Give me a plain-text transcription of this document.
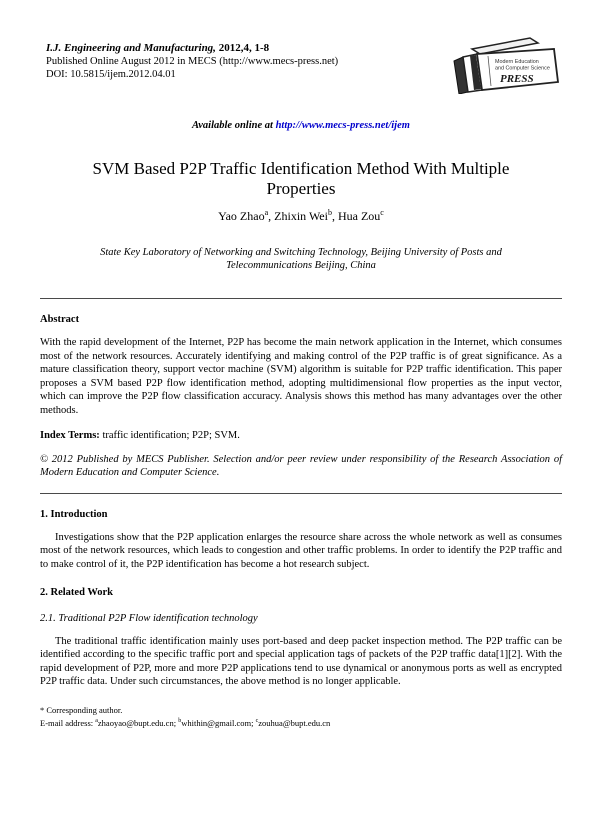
I.J. Engineering and Manufacturing, 2012,4, 1-8
Published Online August 2012 in MECS (http://www.mecs-press.net)
DOI: 10.5815/ijem.2012.04.01
Modern Education
and Computer Science
PRESS
Available online at http://www.mecs-press.net/ijem
SVM Based P2P Traffic Identification Method With Multiple Properties
Yao Zhao$^a$, Zhixin Wei$^b$, Hua Zou$^c$
State Key Laboratory of Networking and Switching Technology, Beijing University of Posts and
Telecommunications Beijing, China
Abstract

With the rapid development of the Internet, P2P has become the main network application in the Internet, which consumes most of the network resources. Accurately identifying and making control of the P2P traffic is of great significance. As a mature classification theory, support vector machine (SVM) algorithm is suitable for P2P traffic identification. This paper proposes a SVM based P2P flow identification method, adopting multidimensional flow properties as the input vector, which can improve the P2P flow classification accuracy. Analysis shows this method has many advantages over the other methods.

Index Terms: traffic identification; P2P; SVM.

© 2012 Published by MECS Publisher. Selection and/or peer review under responsibility of the Research Association of Modern Education and Computer Science.

1. Introduction

Investigations show that the P2P application enlarges the resource share across the whole network as well as consumes most of the network resources, which leads to congestion and other traffic problems. In order to identify the P2P traffic and to make control of it, the P2P identification has become a hot research subject.

2. Related Work
2.1. Traditional P2P Flow identification technology

The traditional traffic identification mainly uses port-based and deep packet inspection method. The P2P traffic can be identified according to the specific traffic port and special application tags of packets of the P2P traffic data[1][2]. With the rapid development of P2P, more and more P2P applications tend to use dynamical or anonymous ports as well as encrypted P2P traffic data. Under such circumstances, the above method is no longer applicable.

* Corresponding author.
E-mail address: $^a$zhaoyao@bupt.edu.cn; $^b$whithin@gmail.com; $^c$zouhua@bupt.edu.cn
